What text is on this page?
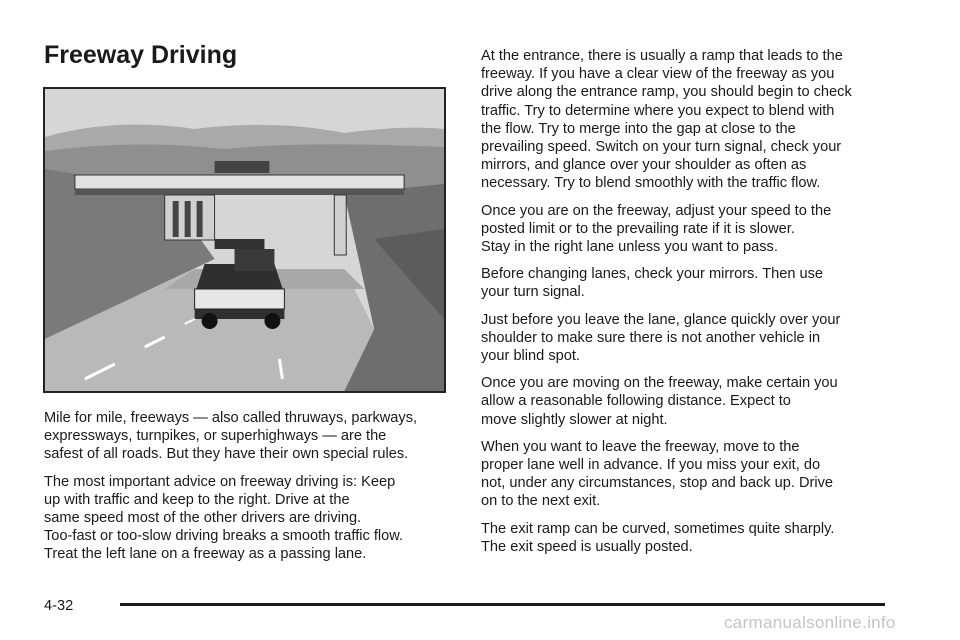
Freeway Driving

Mile for mile, freeways — also called thruways, parkways,
expressways, turnpikes, or superhighways — are the
safest of all roads. But they have their own special rules.

The most important advice on freeway driving is: Keep
up with traffic and keep to the right. Drive at the
same speed most of the other drivers are driving.
Too-fast or too-slow driving breaks a smooth traffic flow.
Treat the left lane on a freeway as a passing lane.

At the entrance, there is usually a ramp that leads to the
freeway. If you have a clear view of the freeway as you
drive along the entrance ramp, you should begin to check
traffic. Try to determine where you expect to blend with
the flow. Try to merge into the gap at close to the
prevailing speed. Switch on your turn signal, check your
mirrors, and glance over your shoulder as often as
necessary. Try to blend smoothly with the traffic flow.

Once you are on the freeway, adjust your speed to the
posted limit or to the prevailing rate if it is slower.
Stay in the right lane unless you want to pass.

Before changing lanes, check your mirrors. Then use
your turn signal.

Just before you leave the lane, glance quickly over your
shoulder to make sure there is not another vehicle in
your blind spot.

Once you are moving on the freeway, make certain you
allow a reasonable following distance. Expect to
move slightly slower at night.

When you want to leave the freeway, move to the
proper lane well in advance. If you miss your exit, do
not, under any circumstances, stop and back up. Drive
on to the next exit.

The exit ramp can be curved, sometimes quite sharply.
The exit speed is usually posted.

4-32
carmanualsonline.info
